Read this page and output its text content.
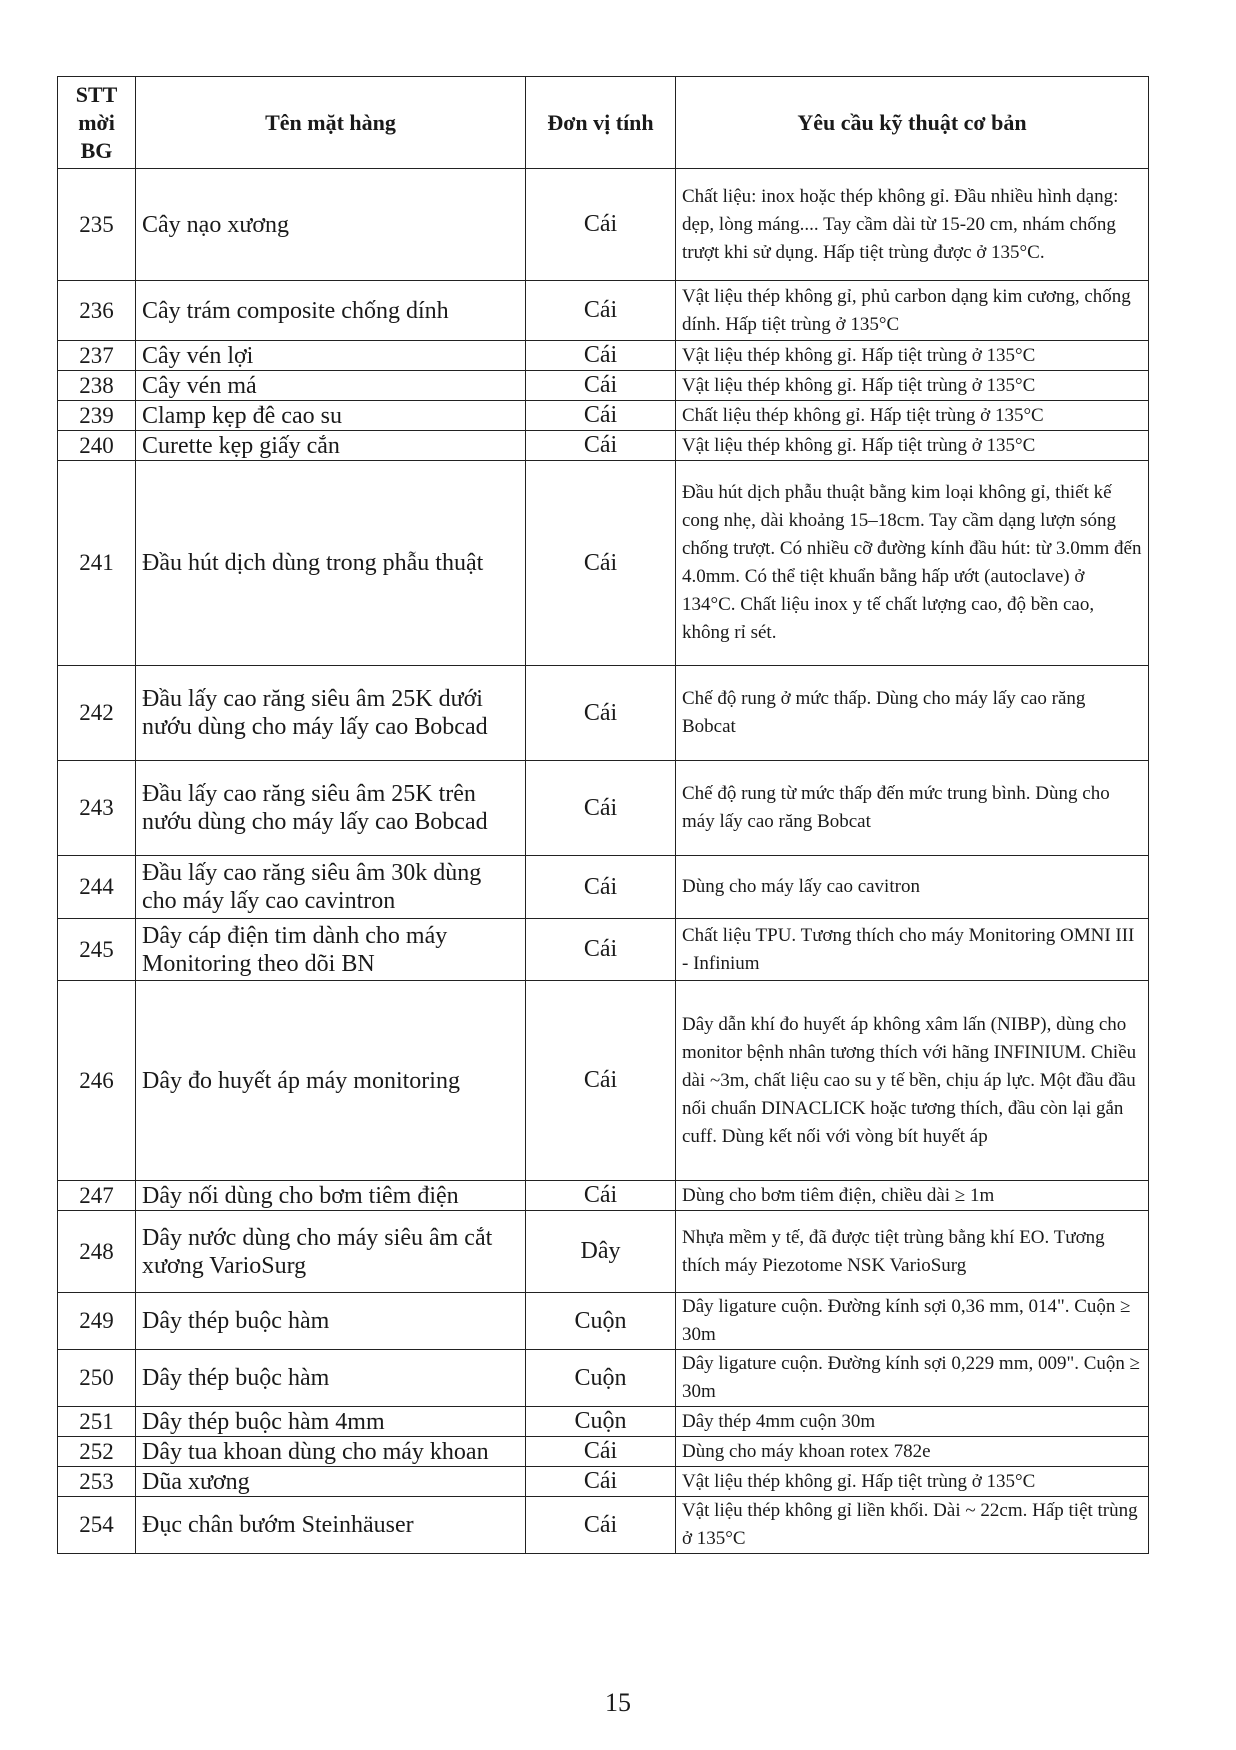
STT mời BG	Tên mặt hàng	Đơn vị tính	Yêu cầu kỹ thuật cơ bản
235	Cây nạo xương	Cái	Chất liệu: inox hoặc thép không gỉ. Đầu nhiều hình dạng: dẹp, lòng máng.... Tay cầm dài từ 15-20 cm, nhám chống trượt khi sử dụng. Hấp tiệt trùng được ở 135°C.
236	Cây trám composite chống dính	Cái	Vật liệu thép không gỉ, phủ carbon dạng kim cương, chống dính. Hấp tiệt trùng ở 135°C
237	Cây vén lợi	Cái	Vật liệu thép không gỉ. Hấp tiệt trùng ở 135°C
238	Cây vén má	Cái	Vật liệu thép không gỉ. Hấp tiệt trùng ở 135°C
239	Clamp kẹp đê cao su	Cái	Chất liệu thép không gỉ. Hấp tiệt trùng ở 135°C
240	Curette kẹp giấy cắn	Cái	Vật liệu thép không gỉ. Hấp tiệt trùng ở 135°C
241	Đầu hút dịch dùng trong phẫu thuật	Cái	Đầu hút dịch phẫu thuật bằng kim loại không gỉ, thiết kế cong nhẹ, dài khoảng 15–18cm. Tay cầm dạng lượn sóng chống trượt. Có nhiều cỡ đường kính đầu hút: từ 3.0mm đến 4.0mm. Có thể tiệt khuẩn bằng hấp ướt (autoclave) ở 134°C. Chất liệu inox y tế chất lượng cao, độ bền cao, không rỉ sét.
242	Đầu lấy cao răng siêu âm 25K dưới nướu dùng cho máy lấy cao Bobcad	Cái	Chế độ rung ở mức thấp. Dùng cho máy lấy cao răng Bobcat
243	Đầu lấy cao răng siêu âm 25K trên nướu dùng cho máy lấy cao Bobcad	Cái	Chế độ rung từ mức thấp đến mức trung bình. Dùng cho máy lấy cao răng Bobcat
244	Đầu lấy cao răng siêu âm 30k dùng cho máy lấy cao cavintron	Cái	Dùng cho máy lấy cao cavitron
245	Dây cáp điện tim dành cho máy Monitoring theo dõi BN	Cái	Chất liệu TPU. Tương thích cho máy Monitoring OMNI III - Infinium
246	Dây đo huyết áp máy monitoring	Cái	Dây dẫn khí đo huyết áp không xâm lấn (NIBP), dùng cho monitor bệnh nhân tương thích với hãng INFINIUM. Chiều dài ~3m, chất liệu cao su y tế bền, chịu áp lực. Một đầu đầu nối chuẩn DINACLICK hoặc tương thích, đầu còn lại gắn cuff. Dùng kết nối với vòng bít huyết áp
247	Dây nối dùng cho bơm tiêm điện	Cái	Dùng cho bơm tiêm điện, chiều dài ≥ 1m
248	Dây nước dùng cho máy siêu âm cắt xương VarioSurg	Dây	Nhựa mềm y tế, đã được tiệt trùng bằng khí EO. Tương thích máy Piezotome NSK VarioSurg
249	Dây thép buộc hàm	Cuộn	Dây ligature cuộn. Đường kính sợi 0,36 mm, 014". Cuộn ≥ 30m
250	Dây thép buộc hàm	Cuộn	Dây ligature cuộn. Đường kính sợi 0,229 mm, 009". Cuộn ≥ 30m
251	Dây thép buộc hàm 4mm	Cuộn	Dây thép 4mm cuộn 30m
252	Dây tua khoan dùng cho máy khoan	Cái	Dùng cho máy khoan rotex 782e
253	Dũa xương	Cái	Vật liệu thép không gỉ. Hấp tiệt trùng ở 135°C
254	Đục chân bướm Steinhäuser	Cái	Vật liệu thép không gỉ liền khối. Dài ~ 22cm. Hấp tiệt trùng ở 135°C
15
